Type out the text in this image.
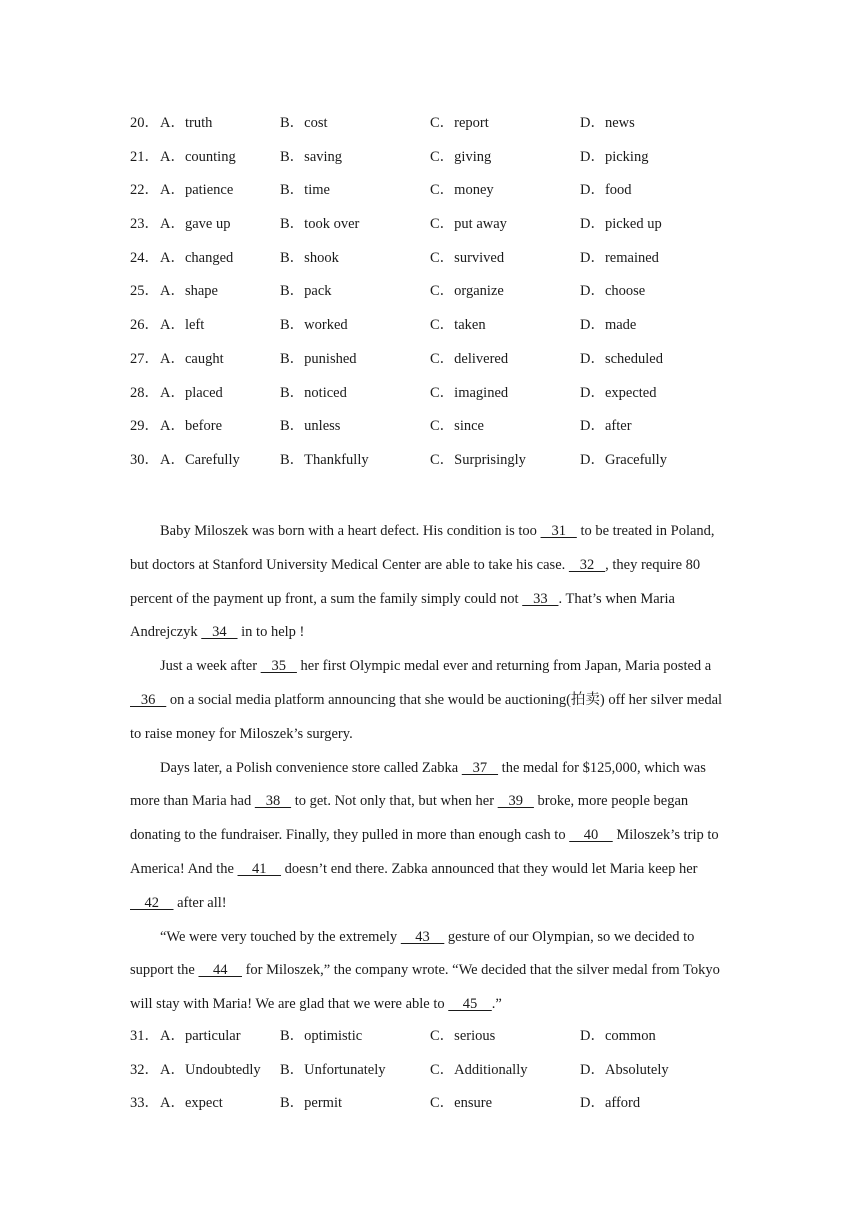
20． A．truth	B．cost	C．report	D．news
21． A．counting	B．saving	C．giving	D．picking
22． A．patience	B．time	C．money	D．food
23． A．gave up	B．took over	C．put away	D．picked up
24． A．changed	B．shook	C．survived	D．remained
25． A．shape	B．pack	C．organize	D．choose
26． A．left	B．worked	C．taken	D．made
27． A．caught	B．punished	C．delivered	D．scheduled
28． A．placed	B．noticed	C．imagined	D．expected
29． A．before	B．unless	C．since	D．after
30． A．Carefully	B．Thankfully	C．Surprisingly	D．Gracefully

Baby Miloszek was born with a heart defect. His condition is too    31    to be treated in Poland, but doctors at Stanford University Medical Center are able to take his case.    32   , they require 80 percent of the payment up front, a sum the family simply could not    33   . That’s when Maria Andrejczyk    34    in to help !

Just a week after    35    her first Olympic medal ever and returning from Japan, Maria posted a    36    on a social media platform announcing that she would be auctioning(拍卖) off her silver medal to raise money for Miloszek’s surgery.

Days later, a Polish convenience store called Zabka    37    the medal for $125,000, which was more than Maria had    38    to get. Not only that, but when her    39    broke, more people began donating to the fundraiser. Finally, they pulled in more than enough cash to     40     Miloszek’s trip to America! And the     41     doesn’t end there. Zabka announced that they would let Maria keep her     42     after all!

“We were very touched by the extremely     43     gesture of our Olympian, so we decided to support the     44     for Miloszek,” the company wrote. “We decided that the silver medal from Tokyo will stay with Maria! We are glad that we were able to     45    .”

31． A．particular	B．optimistic	C．serious	D．common
32． A．Undoubtedly B．Unfortunately	C．Additionally	D．Absolutely
33． A．expect	B．permit	C．ensure	D．afford
